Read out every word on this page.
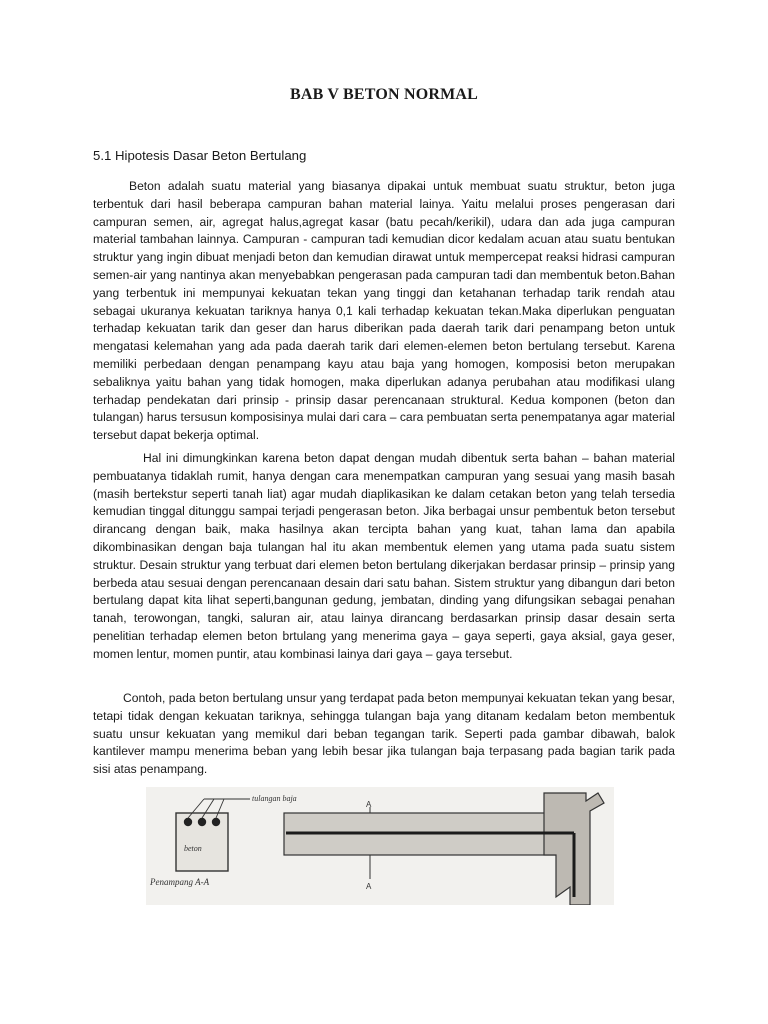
BAB V BETON NORMAL
5.1 Hipotesis Dasar Beton Bertulang

Beton adalah suatu material yang biasanya dipakai untuk membuat suatu struktur, beton juga terbentuk dari hasil beberapa campuran bahan material lainya. Yaitu melalui proses pengerasan dari campuran semen, air, agregat halus,agregat kasar (batu pecah/kerikil), udara dan ada juga campuran material tambahan lainnya. Campuran - campuran tadi kemudian dicor kedalam acuan atau suatu bentukan struktur yang ingin dibuat menjadi beton dan kemudian dirawat untuk mempercepat reaksi hidrasi campuran semen-air yang nantinya akan menyebabkan pengerasan pada campuran tadi dan membentuk beton.Bahan yang terbentuk ini mempunyai kekuatan tekan yang tinggi dan ketahanan terhadap tarik rendah atau sebagai ukuranya kekuatan tariknya hanya 0,1 kali terhadap kekuatan tekan.Maka diperlukan penguatan terhadap kekuatan tarik dan geser dan harus diberikan pada daerah tarik dari penampang beton untuk mengatasi kelemahan yang ada pada daerah tarik dari elemen-elemen beton bertulang tersebut. Karena memiliki perbedaan dengan penampang kayu atau baja yang homogen, komposisi beton merupakan sebaliknya yaitu bahan yang tidak homogen, maka diperlukan adanya perubahan atau modifikasi ulang terhadap pendekatan dari prinsip - prinsip dasar perencanaan struktural. Kedua komponen (beton dan tulangan) harus tersusun komposisinya mulai dari cara – cara pembuatan serta penempatanya agar material tersebut dapat bekerja optimal.

Hal ini dimungkinkan karena beton dapat dengan mudah dibentuk serta bahan – bahan material pembuatanya tidaklah rumit, hanya dengan cara menempatkan campuran yang sesuai yang masih basah (masih bertekstur seperti tanah liat) agar mudah diaplikasikan ke dalam cetakan beton yang telah tersedia kemudian tinggal ditunggu sampai terjadi pengerasan beton. Jika berbagai unsur pembentuk beton tersebut dirancang dengan baik, maka hasilnya akan tercipta bahan yang kuat, tahan lama dan apabila dikombinasikan dengan baja tulangan hal itu akan membentuk elemen yang utama pada suatu sistem struktur. Desain struktur yang terbuat dari elemen beton bertulang dikerjakan berdasar prinsip – prinsip yang berbeda atau sesuai dengan perencanaan desain dari satu bahan. Sistem struktur yang dibangun dari beton bertulang dapat kita lihat seperti,bangunan gedung, jembatan, dinding yang difungsikan sebagai penahan tanah, terowongan, tangki, saluran air, atau lainya dirancang berdasarkan prinsip dasar desain serta penelitian terhadap elemen beton brtulang yang menerima gaya – gaya seperti, gaya aksial, gaya geser, momen lentur, momen puntir, atau kombinasi lainya dari gaya – gaya tersebut.

Contoh, pada beton bertulang unsur yang terdapat pada beton mempunyai kekuatan tekan yang besar, tetapi tidak dengan kekuatan tariknya, sehingga tulangan baja yang ditanam kedalam beton membentuk suatu unsur kekuatan yang memikul dari beban tegangan tarik. Seperti pada gambar dibawah, balok kantilever mampu menerima beban yang lebih besar jika tulangan baja terpasang pada bagian tarik pada sisi atas penampang.

beton
tulangan baja
Penampang A-A
A
A
